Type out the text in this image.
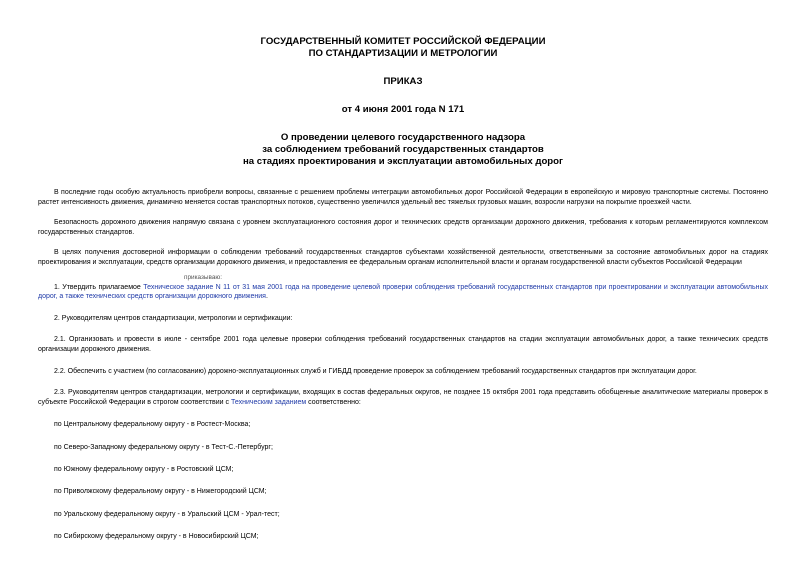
ГОСУДАРСТВЕННЫЙ КОМИТЕТ РОССИЙСКОЙ ФЕДЕРАЦИИ
ПО СТАНДАРТИЗАЦИИ И МЕТРОЛОГИИ
ПРИКАЗ
от 4 июня 2001 года N 171
О проведении целевого государственного надзора
за соблюдением требований государственных стандартов
на стадиях проектирования и эксплуатации автомобильных дорог

В последние годы особую актуальность приобрели вопросы, связанные с решением проблемы интеграции автомобильных дорог Российской Федерации в европейскую и мировую транспортные системы. Постоянно растет интенсивность движения, динамично меняется состав транспортных потоков, существенно увеличился удельный вес тяжелых грузовых машин, возросли нагрузки на покрытие проезжей части.

Безопасность дорожного движения напрямую связана с уровнем эксплуатационного состояния дорог и технических средств организации дорожного движения, требования к которым регламентируются комплексом государственных стандартов.

В целях получения достоверной информации о соблюдении требований государственных стандартов субъектами хозяйственной деятельности, ответственными за состояние автомобильных дорог на стадиях проектирования и эксплуатации, средств организации дорожного движения, и предоставления ее федеральным органам исполнительной власти и органам государственной власти субъектов Российской Федерации

приказываю:

1. Утвердить прилагаемое Техническое задание N 11 от 31 мая 2001 года на проведение целевой проверки соблюдения требований государственных стандартов при проектировании и эксплуатации автомобильных дорог, а также технических средств организации дорожного движения.

2. Руководителям центров стандартизации, метрологии и сертификации:

2.1. Организовать и провести в июле - сентябре 2001 года целевые проверки соблюдения требований государственных стандартов на стадии эксплуатации автомобильных дорог, а также технических средств организации дорожного движения.

2.2. Обеспечить с участием (по согласованию) дорожно-эксплуатационных служб и ГИБДД проведение проверок за соблюдением требований государственных стандартов при эксплуатации дорог.

2.3. Руководителям центров стандартизации, метрологии и сертификации, входящих в состав федеральных округов, не позднее 15 октября 2001 года представить обобщенные аналитические материалы проверок в субъекте Российской Федерации в строгом соответствии с Техническим заданием соответственно:

по Центральному федеральному округу - в Ростест-Москва;

по Северо-Западному федеральному округу - в Тест-С.-Петербург;

по Южному федеральному округу - в Ростовский ЦСМ;

по Приволжскому федеральному округу - в Нижегородский ЦСМ;

по Уральскому федеральному округу - в Уральский ЦСМ - Урал-тест;

по Сибирскому федеральному округу - в Новосибирский ЦСМ;
